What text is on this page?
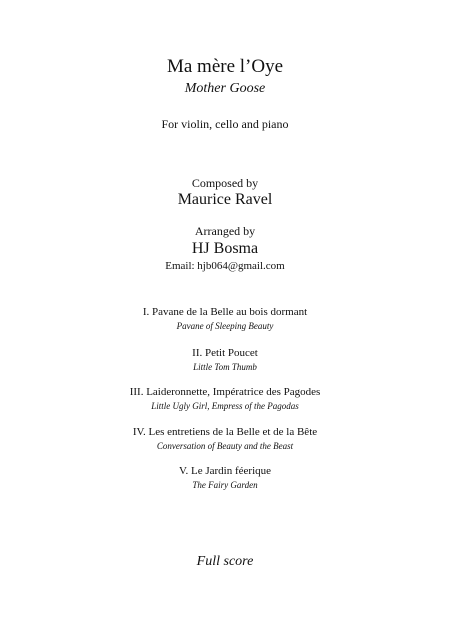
Ma mère l’Oye
Mother Goose
For violin, cello and piano
Composed by
Maurice Ravel
Arranged by
HJ Bosma
Email: hjb064@gmail.com
I. Pavane de la Belle au bois dormant
Pavane of Sleeping Beauty
II. Petit Poucet
Little Tom Thumb
III. Laideronnette, Impératrice des Pagodes
Little Ugly Girl, Empress of the Pagodas
IV. Les entretiens de la Belle et de la Bête
Conversation of Beauty and the Beast
V. Le Jardin féerique
The Fairy Garden
Full score
